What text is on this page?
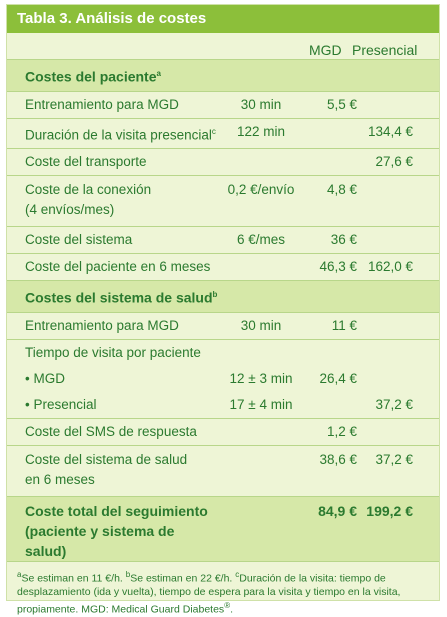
Tabla 3. Análisis de costes
MGD Presencial
Costes del paciente$^a$
Entrenamiento para MGD	30 min	5,5 €	
Duración de la visita presencial$^c$	122 min		134,4 €
Coste del transporte			27,6 €

Coste de la conexión
(4 envíos/mes)	0,2 €/envío	4,8 €	
Coste del sistema	6 €/mes	36 €	
Coste del paciente en 6 meses		46,3 €	162,0 €
Costes del sistema de salud$^b$
Entrenamiento para MGD	30 min	11 €	
Tiempo de visita por paciente			
• MGD	12 ± 3 min	26,4 €	
• Presencial	17 ± 4 min		37,2 €
Coste del SMS de respuesta		1,2 €	

Coste del sistema de salud
en 6 meses		38,6 €	37,2 €

Coste total del seguimiento
(paciente y sistema de salud)		84,9 €	199,2 €
$^a$Se estiman en 11 €/h. $^b$Se estiman en 22 €/h. $^c$Duración de la visita: tiempo de desplazamiento (ida y vuelta), tiempo de espera para la visita y tiempo en la visita, propiamente. MGD: Medical Guard Diabetes®.
